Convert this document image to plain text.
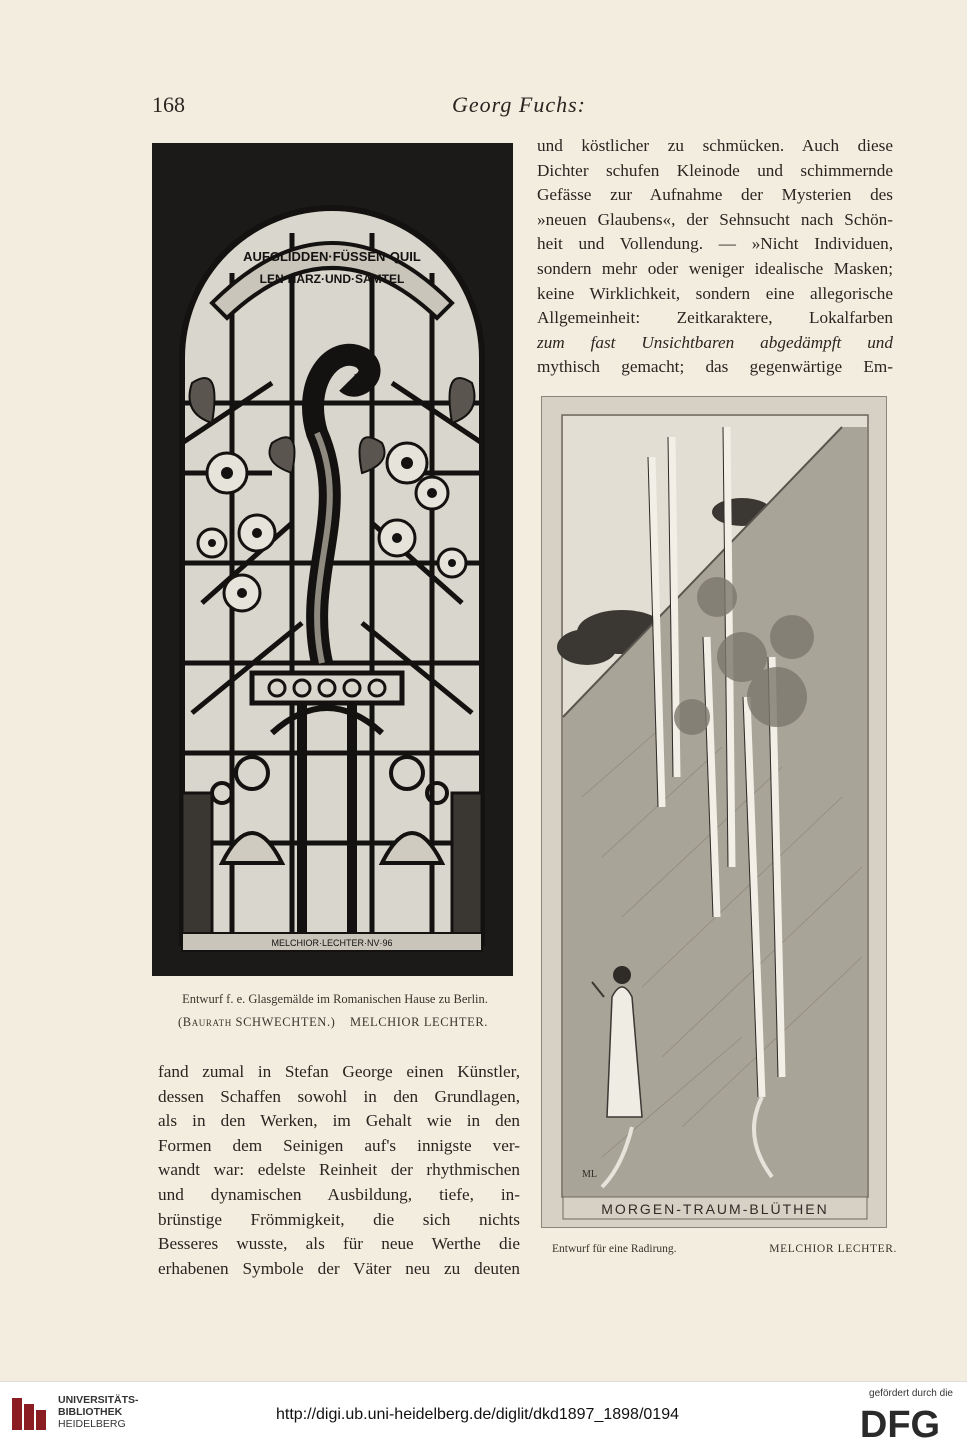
168	Georg Fuchs:
und köstlicher zu schmücken. Auch diese
Dichter schufen Kleinode und schimmernde
Gefässe zur Aufnahme der Mysterien des
»neuen Glaubens«, der Sehnsucht nach Schön-
heit und Vollendung. — »Nicht Individuen,
sondern mehr oder weniger idealische Masken;
keine Wirklichkeit, sondern eine allegorische
Allgemeinheit: Zeitkaraktere, Lokalfarben
zum fast Unsichtbaren abgedämpft und
mythisch gemacht; das gegenwärtige Em-
AUFGLIDDEN·FÜSSEN·QUIL
LEN·HARZ·UND·SAMTEL
MELCHIOR·LECHTER·NV·96
Entwurf f. e. Glasgemälde im Romanischen Hause zu Berlin.
(Baurath SCHWECHTEN.) MELCHIOR LECHTER.
MORGEN-TRAUM-BLÜTHEN
ML
Entwurf für eine Radirung.	MELCHIOR LECHTER.
fand zumal in Stefan George einen Künstler,
dessen Schaffen sowohl in den Grundlagen,
als in den Werken, im Gehalt wie in den
Formen dem Seinigen auf's innigste ver-
wandt war: edelste Reinheit der rhythmischen
und dynamischen Ausbildung, tiefe, in-
brünstige Frömmigkeit, die sich nichts
Besseres wusste, als für neue Werthe die
erhabenen Symbole der Väter neu zu deuten
UNIVERSITÄTS-
BIBLIOTHEK
HEIDELBERG
http://digi.ub.uni-heidelberg.de/diglit/dkd1897_1898/0194
gefördert durch die
DFG
